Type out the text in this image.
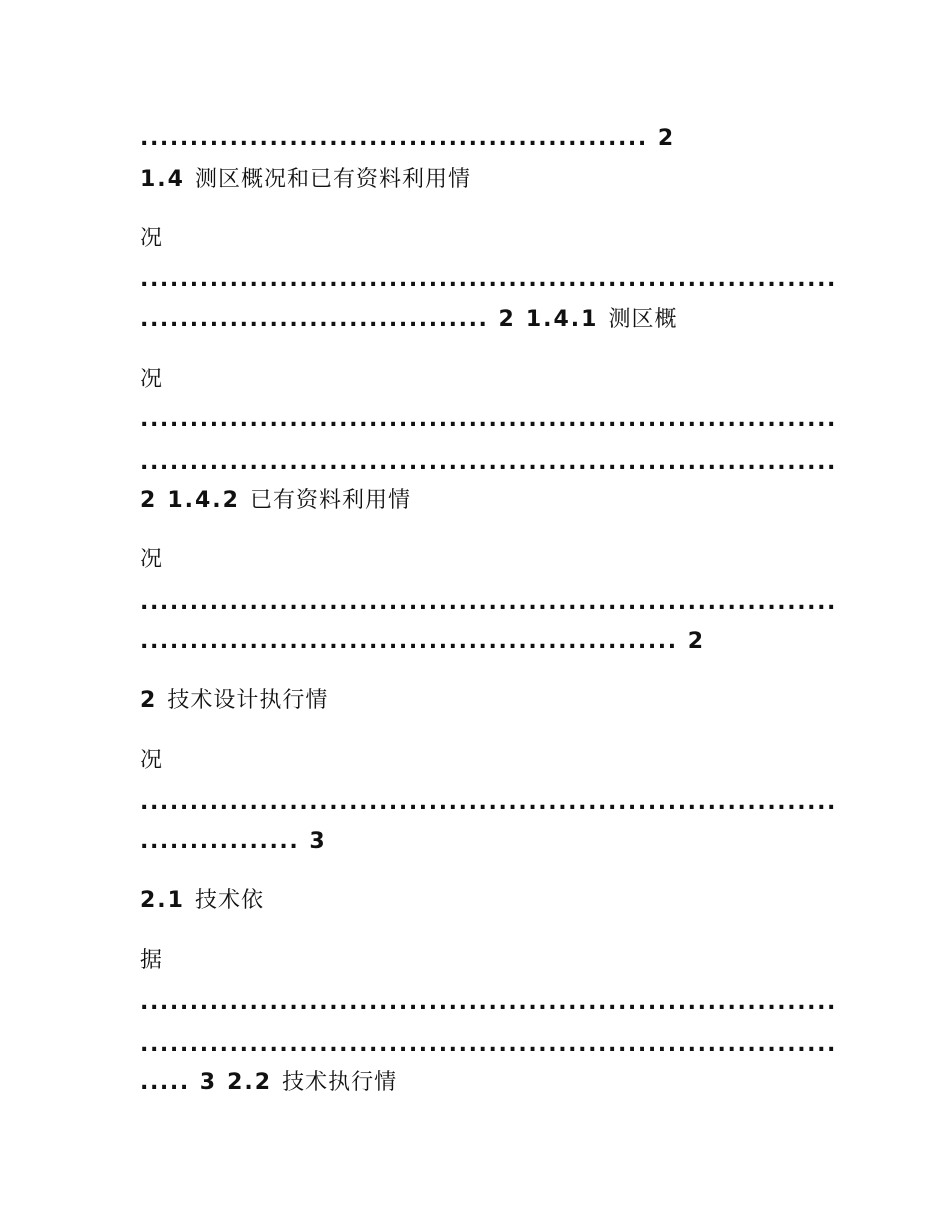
................................................... 2
1.4 测区概况和已有资料利用情
况
......................................................................
................................... 2 1.4.1 测区概
况
......................................................................
......................................................................
2 1.4.2 已有资料利用情
况
......................................................................
...................................................... 2
2 技术设计执行情
况
......................................................................
................ 3
2.1 技术依
据
......................................................................
......................................................................
..... 3 2.2 技术执行情
